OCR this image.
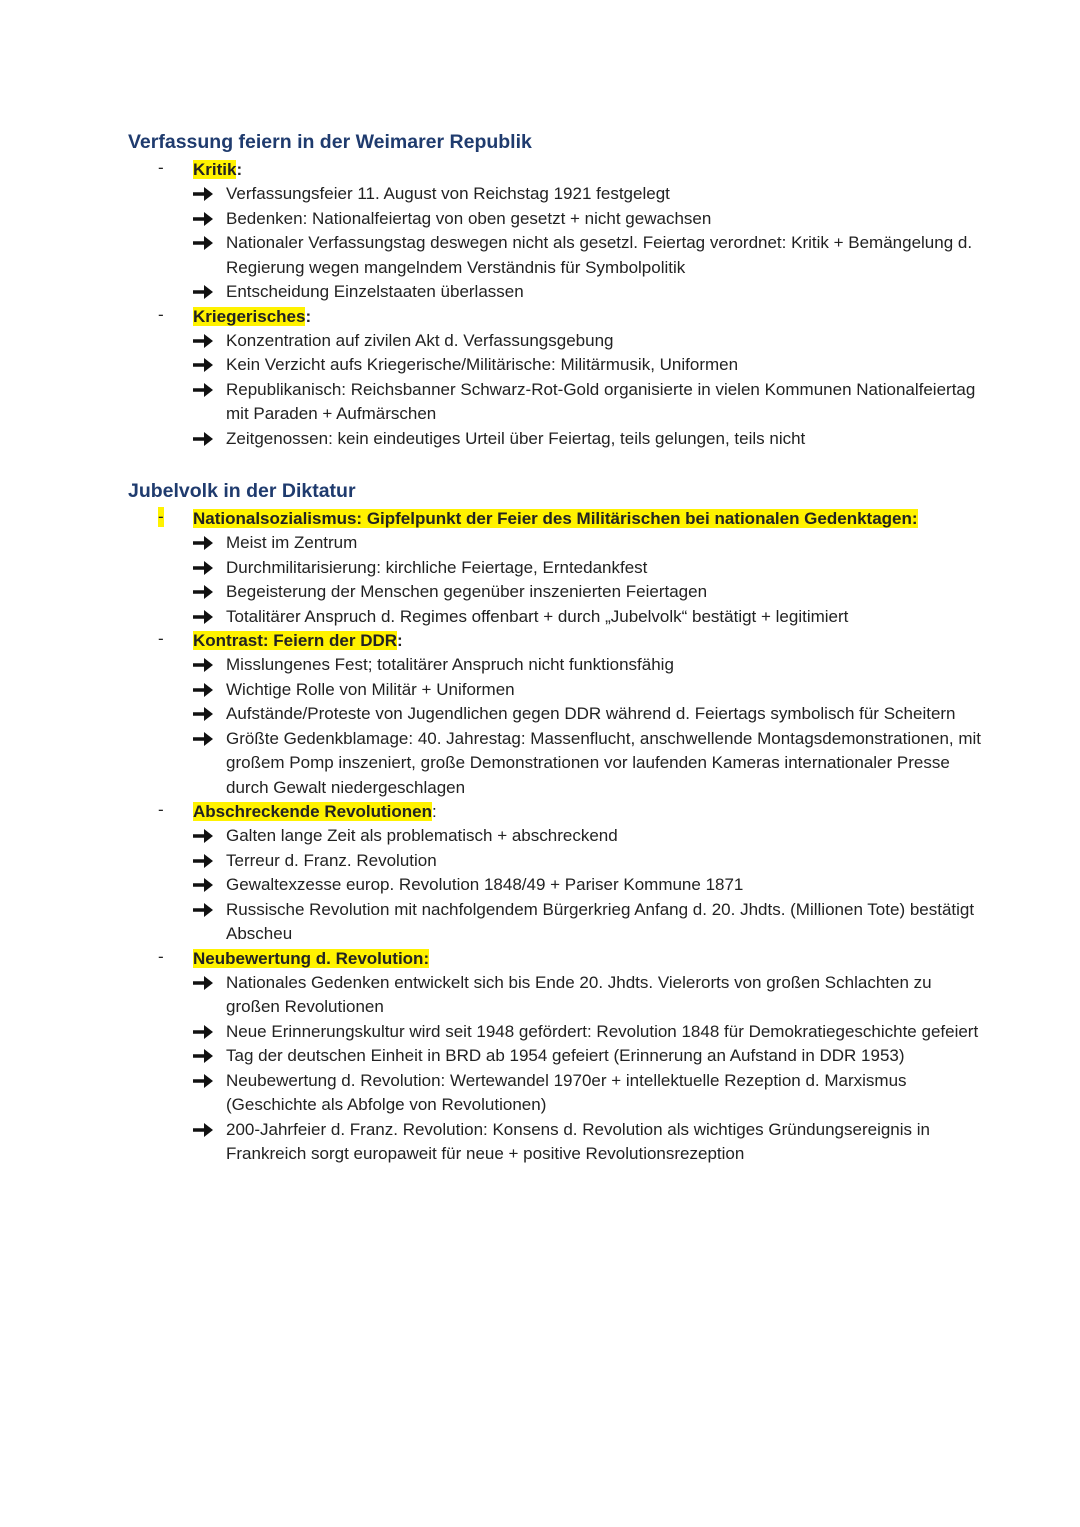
Verfassung feiern in der Weimarer Republik
- Kritik:
Verfassungsfeier 11. August von Reichstag 1921 festgelegt
Bedenken: Nationalfeiertag von oben gesetzt + nicht gewachsen
Nationaler Verfassungstag deswegen nicht als gesetzl. Feiertag verordnet: Kritik + Bemängelung d. Regierung wegen mangelndem Verständnis für Symbolpolitik
Entscheidung Einzelstaaten überlassen
- Kriegerisches:
Konzentration auf zivilen Akt d. Verfassungsgebung
Kein Verzicht aufs Kriegerische/Militärische: Militärmusik, Uniformen
Republikanisch: Reichsbanner Schwarz-Rot-Gold organisierte in vielen Kommunen Nationalfeiertag mit Paraden + Aufmärschen
Zeitgenossen: kein eindeutiges Urteil über Feiertag, teils gelungen, teils nicht
Jubelvolk in der Diktatur
- Nationalsozialismus: Gipfelpunkt der Feier des Militärischen bei nationalen Gedenktagen:
Meist im Zentrum
Durchmilitarisierung: kirchliche Feiertage, Erntedankfest
Begeisterung der Menschen gegenüber inszenierten Feiertagen
Totalitärer Anspruch d. Regimes offenbart + durch „Jubelvolk“ bestätigt + legitimiert
- Kontrast: Feiern der DDR:
Misslungenes Fest; totalitärer Anspruch nicht funktionsfähig
Wichtige Rolle von Militär + Uniformen
Aufstände/Proteste von Jugendlichen gegen DDR während d. Feiertags symbolisch für Scheitern
Größte Gedenkblamage: 40. Jahrestag: Massenflucht, anschwellende Montagsdemonstrationen, mit großem Pomp inszeniert, große Demonstrationen vor laufenden Kameras internationaler Presse durch Gewalt niedergeschlagen
- Abschreckende Revolutionen:
Galten lange Zeit als problematisch + abschreckend
Terreur d. Franz. Revolution
Gewaltexzesse europ. Revolution 1848/49 + Pariser Kommune 1871
Russische Revolution mit nachfolgendem Bürgerkrieg Anfang d. 20. Jhdts. (Millionen Tote) bestätigt Abscheu
- Neubewertung d. Revolution:
Nationales Gedenken entwickelt sich bis Ende 20. Jhdts. Vielerorts von großen Schlachten zu großen Revolutionen
Neue Erinnerungskultur wird seit 1948 gefördert: Revolution 1848 für Demokratiegeschichte gefeiert
Tag der deutschen Einheit in BRD ab 1954 gefeiert (Erinnerung an Aufstand in DDR 1953)
Neubewertung d. Revolution: Wertewandel 1970er + intellektuelle Rezeption d. Marxismus (Geschichte als Abfolge von Revolutionen)
200-Jahrfeier d. Franz. Revolution: Konsens d. Revolution als wichtiges Gründungsereignis in Frankreich sorgt europaweit für neue + positive Revolutionsrezeption
